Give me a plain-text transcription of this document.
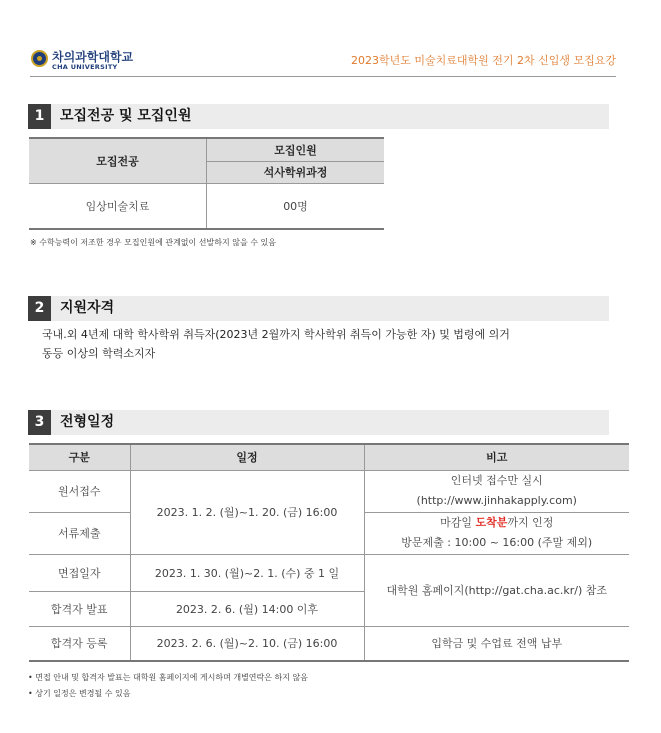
차의과학대학교
CHA UNIVERSITY	2023학년도 미술치료대학원 전기 2차 신입생 모집요강
1	모집전공 및 모집인원
모집전공	모집인원
	석사학위과정
임상미술치료	00명
※ 수학능력이 저조한 경우 모집인원에 관계없이 선발하지 않을 수 있음
2	지원자격
국내.외 4년제 대학 학사학위 취득자(2023년 2월까지 학사학위 취득이 가능한 자) 및 법령에 의거
동등 이상의 학력소지자
3	전형일정
구분	일정	비고
원서접수	2023. 1. 2. (월)~1. 20. (금) 16:00	인터넷 접수만 실시
(http://www.jinhakapply.com)

서류제출		마감일 도착분까지 인정
방문제출 : 10:00 ~ 16:00 (주말 제외)

면접일자	2023. 1. 30. (월)~2. 1. (수) 중 1 일	대학원 홈페이지(http://gat.cha.ac.kr/) 참조
합격자 발표	2023. 2. 6. (월) 14:00 이후	
합격자 등록	2023. 2. 6. (월)~2. 10. (금) 16:00	입학금 및 수업료 전액 납부
• 면접 안내 및 합격자 발표는 대학원 홈페이지에 게시하며 개별연락은 하지 않음
• 상기 일정은 변경될 수 있음
